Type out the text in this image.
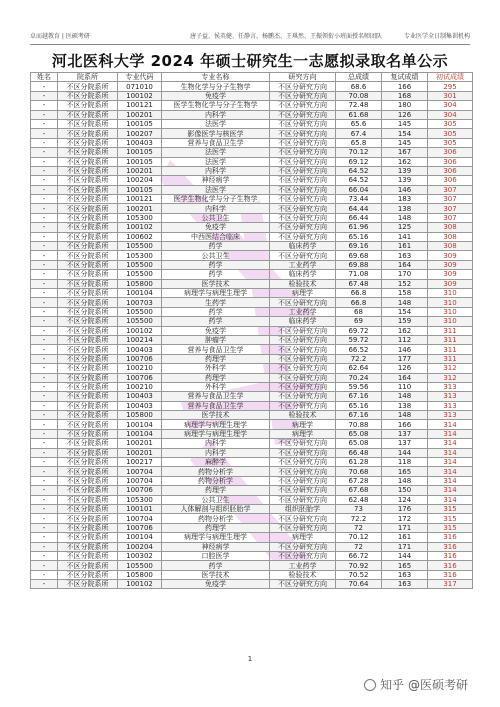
卓而越教育 | 医硕考研	唐子益、侯英健、任静言、杨鹏杰、王琪然、王振领衔小班面授名师团队	专业医学全日制集训机构
河北医科大学 2024 年硕士研究生一志愿拟录取名单公示
姓名	院系所	专业代码	专业名称	研究方向	总成绩	复试成绩	初试成绩
-	不区分院系所	071010	生物化学与分子生物学	不区分研究方向	68.6	166	295
-	不区分院系所	100102	免疫学	不区分研究方向	70.08	168	301
-	不区分院系所	100121	医学生物化学与分子生物学	不区分研究方向	72.48	180	304
-	不区分院系所	100201	内科学	不区分研究方向	61.68	126	304
-	不区分院系所	100105	法医学	不区分研究方向	65.6	145	305
-	不区分院系所	100207	影像医学与核医学	不区分研究方向	67.4	154	305
-	不区分院系所	100403	营养与食品卫生学	不区分研究方向	65.8	145	305
-	不区分院系所	100105	法医学	不区分研究方向	70.12	167	306
-	不区分院系所	100105	法医学	不区分研究方向	69.12	162	306
-	不区分院系所	100201	内科学	不区分研究方向	64.52	139	306
-	不区分院系所	100204	神经病学	不区分研究方向	64.52	139	306
-	不区分院系所	100105	法医学	不区分研究方向	66.04	146	307
-	不区分院系所	100121	医学生物化学与分子生物学	不区分研究方向	73.44	183	307
-	不区分院系所	100201	内科学	不区分研究方向	64.44	138	307
-	不区分院系所	105300	公共卫生	不区分研究方向	66.44	148	307
-	不区分院系所	100102	免疫学	不区分研究方向	61.96	125	308
-	不区分院系所	100602	中西医结合临床	不区分研究方向	65.16	141	308
-	不区分院系所	105500	药学	临床药学	69.16	161	308
-	不区分院系所	105300	公共卫生	不区分研究方向	69.68	163	309
-	不区分院系所	105500	药学	工业药学	69.88	164	309
-	不区分院系所	105500	药学	临床药学	71.08	170	309
-	不区分院系所	105800	医学技术	检验技术	67.48	152	309
-	不区分院系所	100104	病理学与病理生理学	病理学	66.8	158	310
-	不区分院系所	100703	生药学	不区分研究方向	66.8	148	310
-	不区分院系所	105500	药学	工业药学	68	154	310
-	不区分院系所	105500	药学	临床药学	69	159	310
-	不区分院系所	100102	免疫学	不区分研究方向	69.72	162	311
-	不区分院系所	100214	肿瘤学	不区分研究方向	59.72	112	311
-	不区分院系所	100403	营养与食品卫生学	不区分研究方向	66.52	146	311
-	不区分院系所	100706	药理学	不区分研究方向	72.2	177	311
-	不区分院系所	100210	外科学	不区分研究方向	62.64	126	312
-	不区分院系所	100706	药理学	不区分研究方向	70.24	164	312
-	不区分院系所	100210	外科学	不区分研究方向	59.56	110	313
-	不区分院系所	100403	营养与食品卫生学	不区分研究方向	67.16	148	313
-	不区分院系所	100403	营养与食品卫生学	不区分研究方向	65.16	138	313
-	不区分院系所	105800	医学技术	检验技术	67.16	148	313
-	不区分院系所	100104	病理学与病理生理学	病理学	70.88	166	314
-	不区分院系所	100104	病理学与病理生理学	病理学	65.08	137	314
-	不区分院系所	100201	内科学	不区分研究方向	65.08	137	314
-	不区分院系所	100201	内科学	不区分研究方向	66.48	144	314
-	不区分院系所	100217	麻醉学	不区分研究方向	61.28	118	314
-	不区分院系所	100704	药物分析学	不区分研究方向	70.68	165	314
-	不区分院系所	100704	药物分析学	不区分研究方向	67.28	148	314
-	不区分院系所	100706	药理学	不区分研究方向	67.68	150	314
-	不区分院系所	105300	公共卫生	不区分研究方向	62.48	124	314
-	不区分院系所	100101	人体解剖与组织胚胎学	组织胚胎学	73	176	315
-	不区分院系所	100704	药物分析学	不区分研究方向	72.2	172	315
-	不区分院系所	100706	药理学	不区分研究方向	72	171	315
-	不区分院系所	100104	病理学与病理生理学	病理学	70.12	161	316
-	不区分院系所	100204	神经病学	不区分研究方向	72	171	316
-	不区分院系所	100302	口腔医学	不区分研究方向	66.72	144	316
-	不区分院系所	105500	药学	工业药学	70.92	165	316
-	不区分院系所	105800	医学技术	检验技术	70.52	163	316
-	不区分院系所	100102	免疫学	不区分研究方向	70.64	163	317
1
知乎 @医硕考研
